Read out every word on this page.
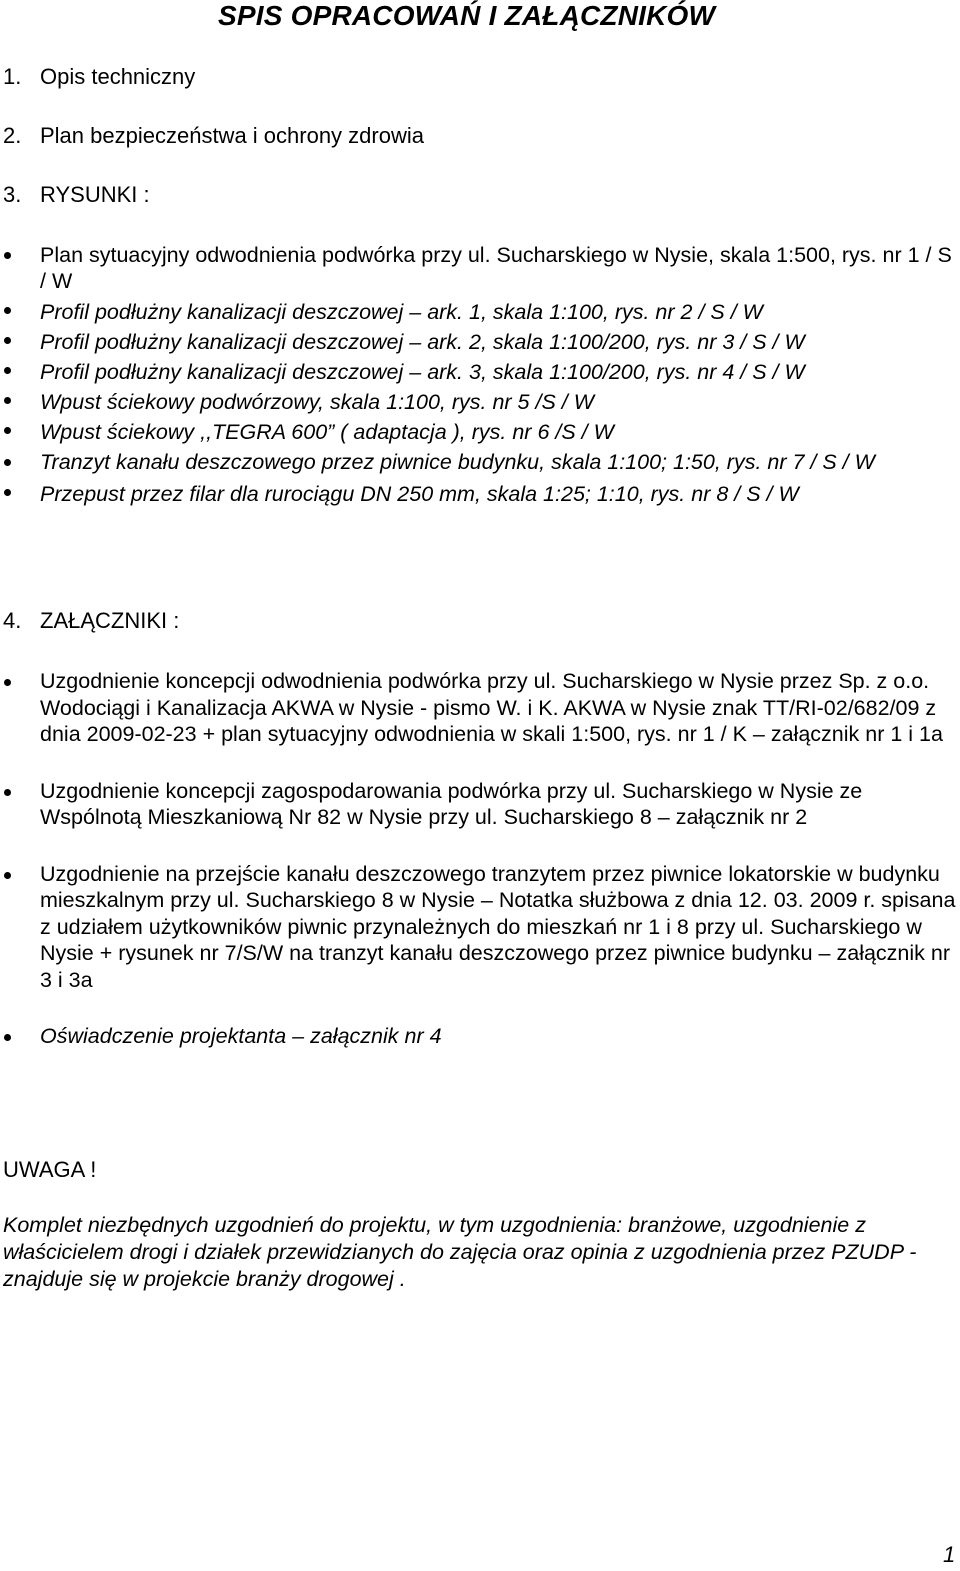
SPIS OPRACOWAŃ I ZAŁĄCZNIKÓW
1. Opis techniczny
2. Plan bezpieczeństwa i ochrony zdrowia
3. RYSUNKI :
Plan sytuacyjny odwodnienia podwórka przy ul. Sucharskiego w Nysie, skala 1:500, rys. nr 1 / S / W
Profil podłużny kanalizacji deszczowej – ark. 1, skala 1:100, rys. nr 2 / S / W
Profil podłużny kanalizacji deszczowej – ark. 2, skala 1:100/200, rys. nr 3 / S / W
Profil podłużny kanalizacji deszczowej – ark. 3, skala 1:100/200, rys. nr 4 / S / W
Wpust ściekowy podwórzowy, skala 1:100, rys. nr 5 /S / W
Wpust ściekowy ,,TEGRA 600” ( adaptacja ), rys. nr 6 /S / W
Tranzyt kanału deszczowego przez piwnice budynku, skala 1:100; 1:50, rys. nr 7 / S / W
Przepust przez filar dla rurociągu DN 250 mm, skala 1:25; 1:10, rys. nr 8 / S / W
4. ZAŁĄCZNIKI :
Uzgodnienie koncepcji odwodnienia podwórka przy ul. Sucharskiego w Nysie przez Sp. z o.o. Wodociągi i Kanalizacja AKWA w Nysie - pismo W. i K. AKWA w Nysie znak TT/RI-02/682/09 z dnia 2009-02-23 + plan sytuacyjny odwodnienia w skali 1:500, rys. nr 1 / K – załącznik nr 1 i 1a
Uzgodnienie koncepcji zagospodarowania podwórka przy ul. Sucharskiego w Nysie ze Wspólnotą Mieszkaniową Nr 82 w Nysie przy ul. Sucharskiego 8 – załącznik nr 2
Uzgodnienie na przejście kanału deszczowego tranzytem przez piwnice lokatorskie w budynku mieszkalnym przy ul. Sucharskiego 8 w Nysie – Notatka służbowa z dnia 12. 03. 2009 r. spisana z udziałem użytkowników piwnic przynależnych do mieszkań nr 1 i 8 przy ul. Sucharskiego w Nysie + rysunek nr 7/S/W na tranzyt kanału deszczowego przez piwnice budynku – załącznik nr 3 i 3a
Oświadczenie projektanta – załącznik nr 4
UWAGA !
Komplet niezbędnych uzgodnień do projektu, w tym uzgodnienia: branżowe, uzgodnienie z właścicielem drogi i działek przewidzianych do zajęcia oraz opinia z uzgodnienia przez PZUDP - znajduje się w projekcie branży drogowej .
1
